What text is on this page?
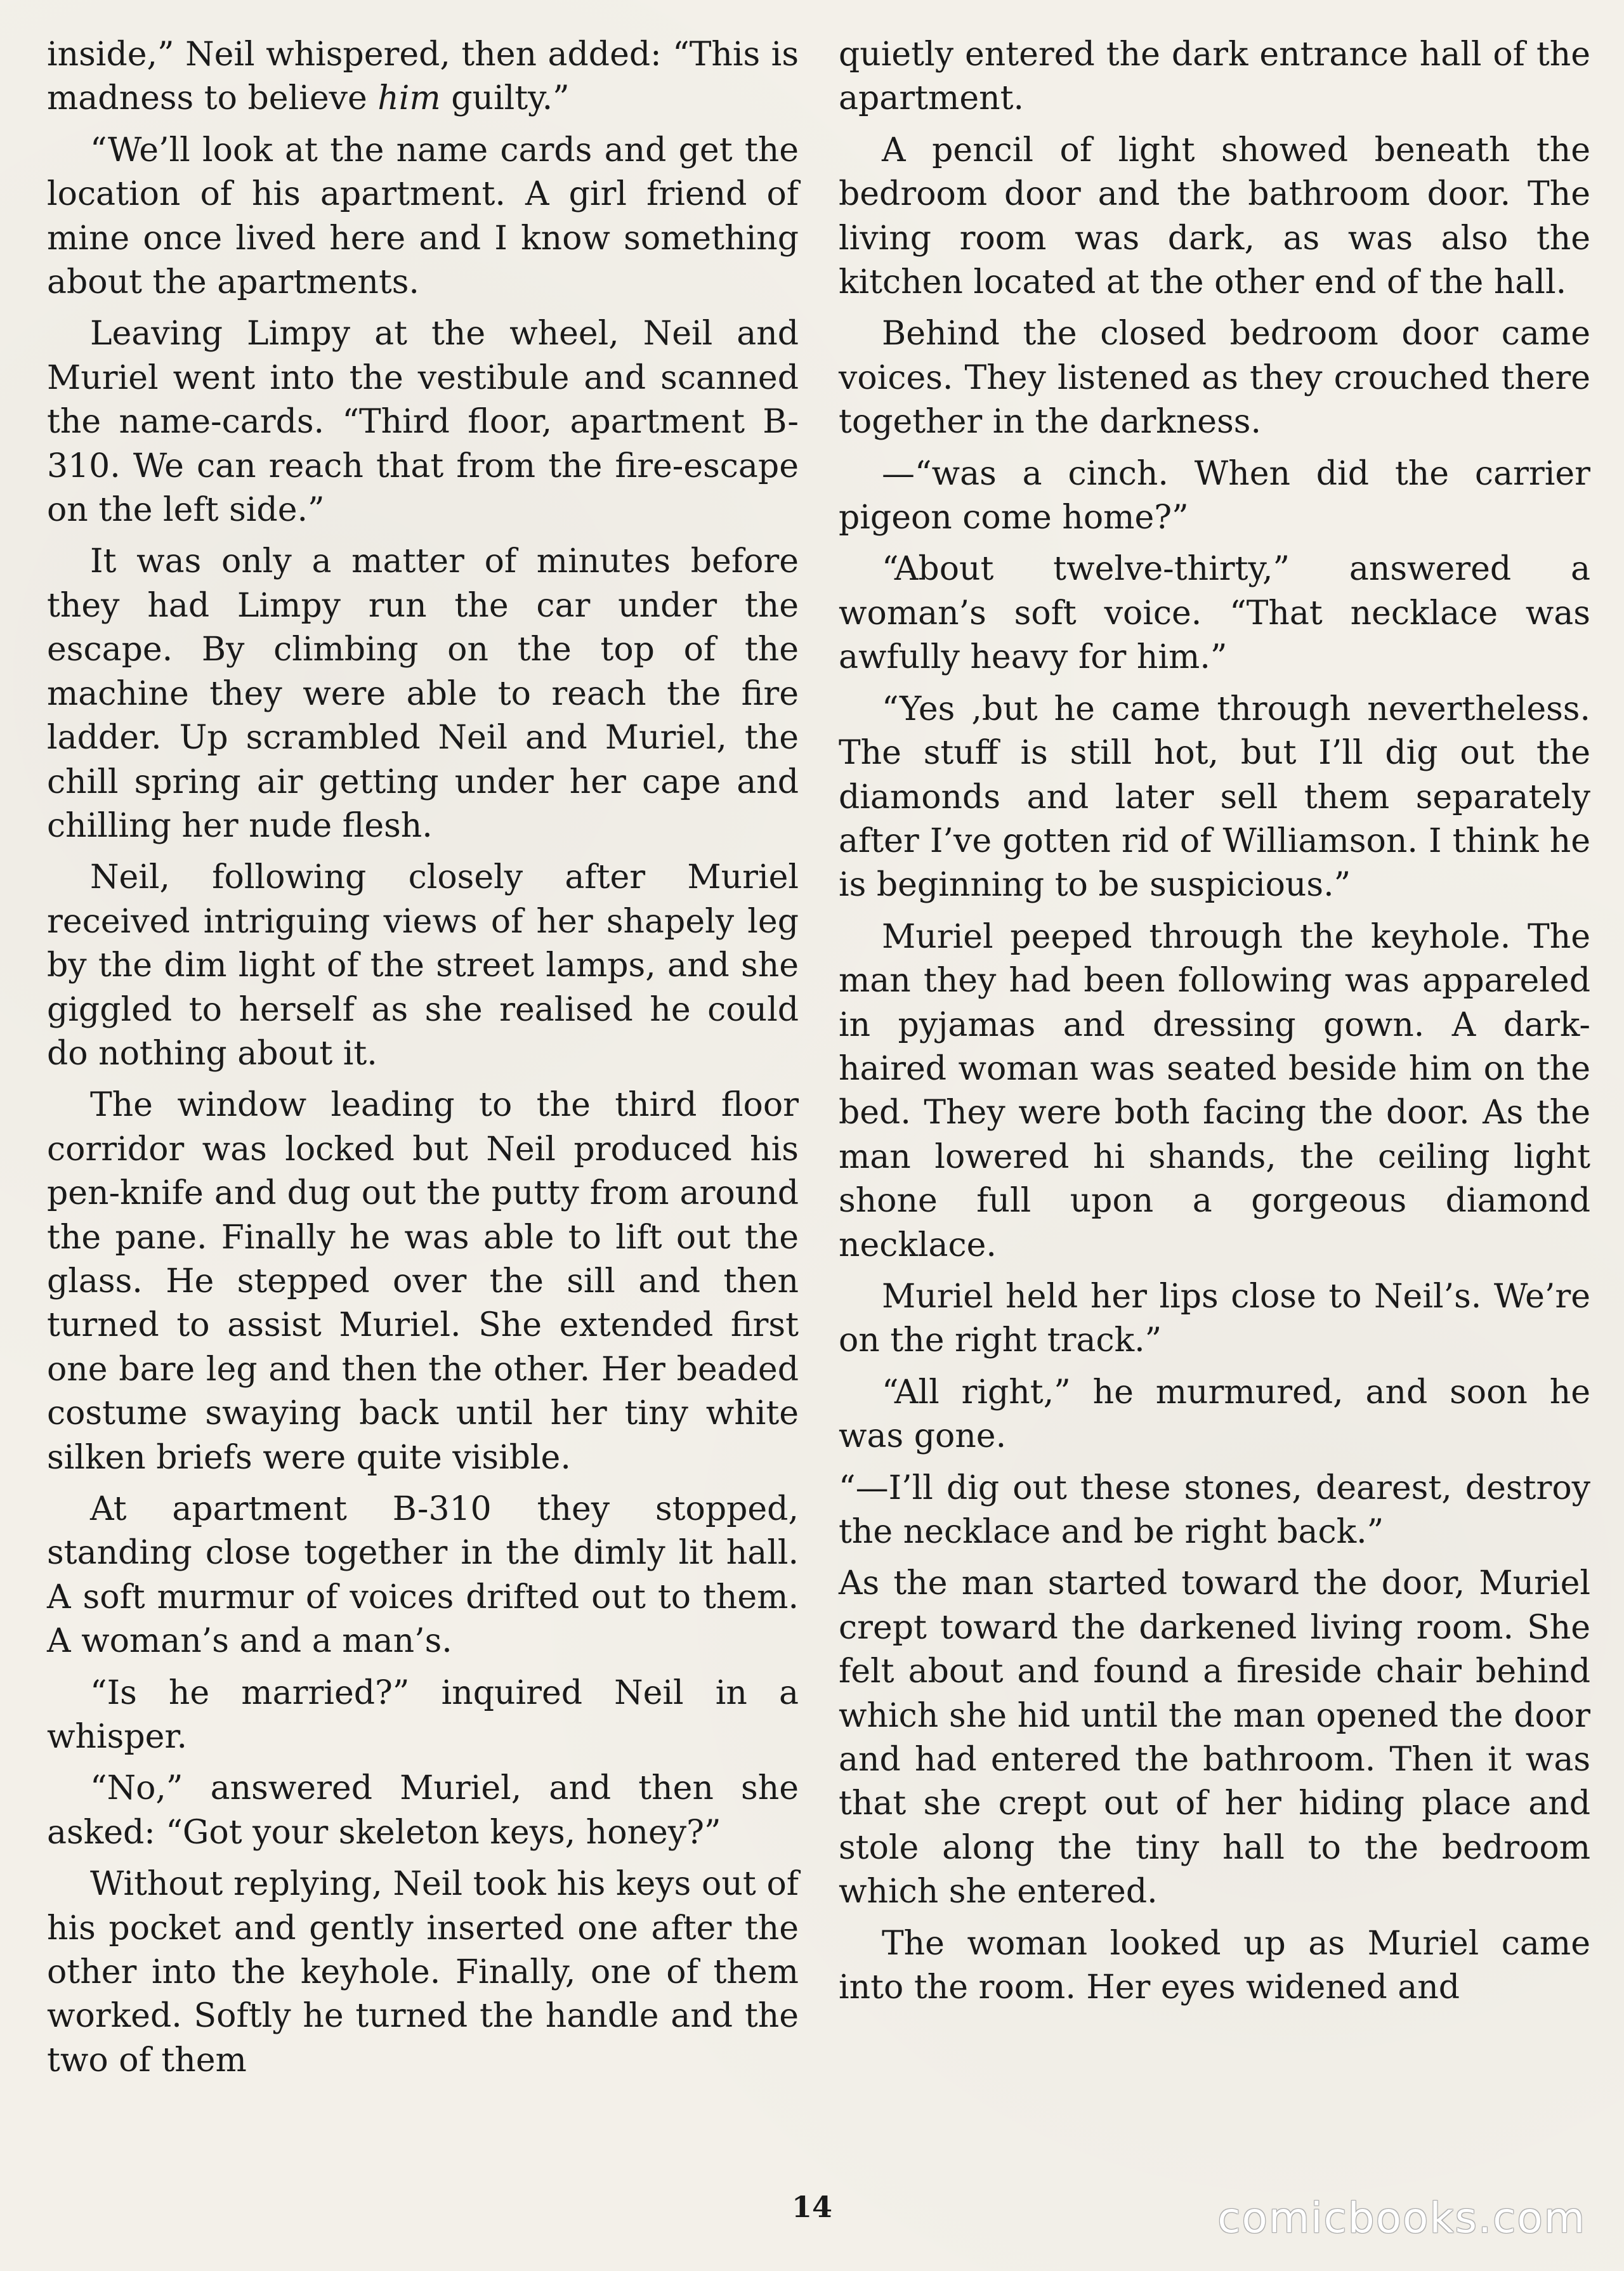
inside,” Neil whispered, then added: “This is madness to believe him guilty.”

“We’ll look at the name cards and get the location of his apartment. A girl friend of mine once lived here and I know something about the apartments.

Leaving Limpy at the wheel, Neil and Muriel went into the vestibule and scanned the name-cards. “Third floor, apartment B-310. We can reach that from the fire-escape on the left side.”

It was only a matter of minutes before they had Limpy run the car under the escape. By climbing on the top of the machine they were able to reach the fire ladder. Up scrambled Neil and Muriel, the chill spring air getting under her cape and chilling her nude flesh.

Neil, following closely after Muriel received intriguing views of her shapely leg by the dim light of the street lamps, and she giggled to herself as she realised he could do nothing about it.

The window leading to the third floor corridor was locked but Neil produced his pen-knife and dug out the putty from around the pane. Finally he was able to lift out the glass. He stepped over the sill and then turned to assist Muriel. She extended first one bare leg and then the other. Her beaded costume swaying back until her tiny white silken briefs were quite visible.

At apartment B-310 they stopped, standing close together in the dimly lit hall. A soft murmur of voices drifted out to them. A woman’s and a man’s.

“Is he married?” inquired Neil in a whisper.

“No,” answered Muriel, and then she asked: “Got your skeleton keys, honey?”

Without replying, Neil took his keys out of his pocket and gently inserted one after the other into the keyhole. Finally, one of them worked. Softly he turned the handle and the two of them

quietly entered the dark entrance hall of the apartment.

A pencil of light showed beneath the bedroom door and the bathroom door. The living room was dark, as was also the kitchen located at the other end of the hall.

Behind the closed bedroom door came voices. They listened as they crouched there together in the darkness.

—“was a cinch. When did the carrier pigeon come home?”

“About twelve-thirty,” answered a woman’s soft voice. “That necklace was awfully heavy for him.”

“Yes ,but he came through nevertheless. The stuff is still hot, but I’ll dig out the diamonds and later sell them separately after I’ve gotten rid of Williamson. I think he is beginning to be suspicious.”

Muriel peeped through the keyhole. The man they had been following was appareled in pyjamas and dressing gown. A dark-haired woman was seated beside him on the bed. They were both facing the door. As the man lowered hi shands, the ceiling light shone full upon a gorgeous diamond necklace.

Muriel held her lips close to Neil’s. We’re on the right track.”

“All right,” he murmured, and soon he was gone.

“—I’ll dig out these stones, dearest, destroy the necklace and be right back.”

As the man started toward the door, Muriel crept toward the darkened living room. She felt about and found a fireside chair behind which she hid until the man opened the door and had entered the bathroom. Then it was that she crept out of her hiding place and stole along the tiny hall to the bedroom which she entered.

The woman looked up as Muriel came into the room. Her eyes widened and

14	comicbooks.com
